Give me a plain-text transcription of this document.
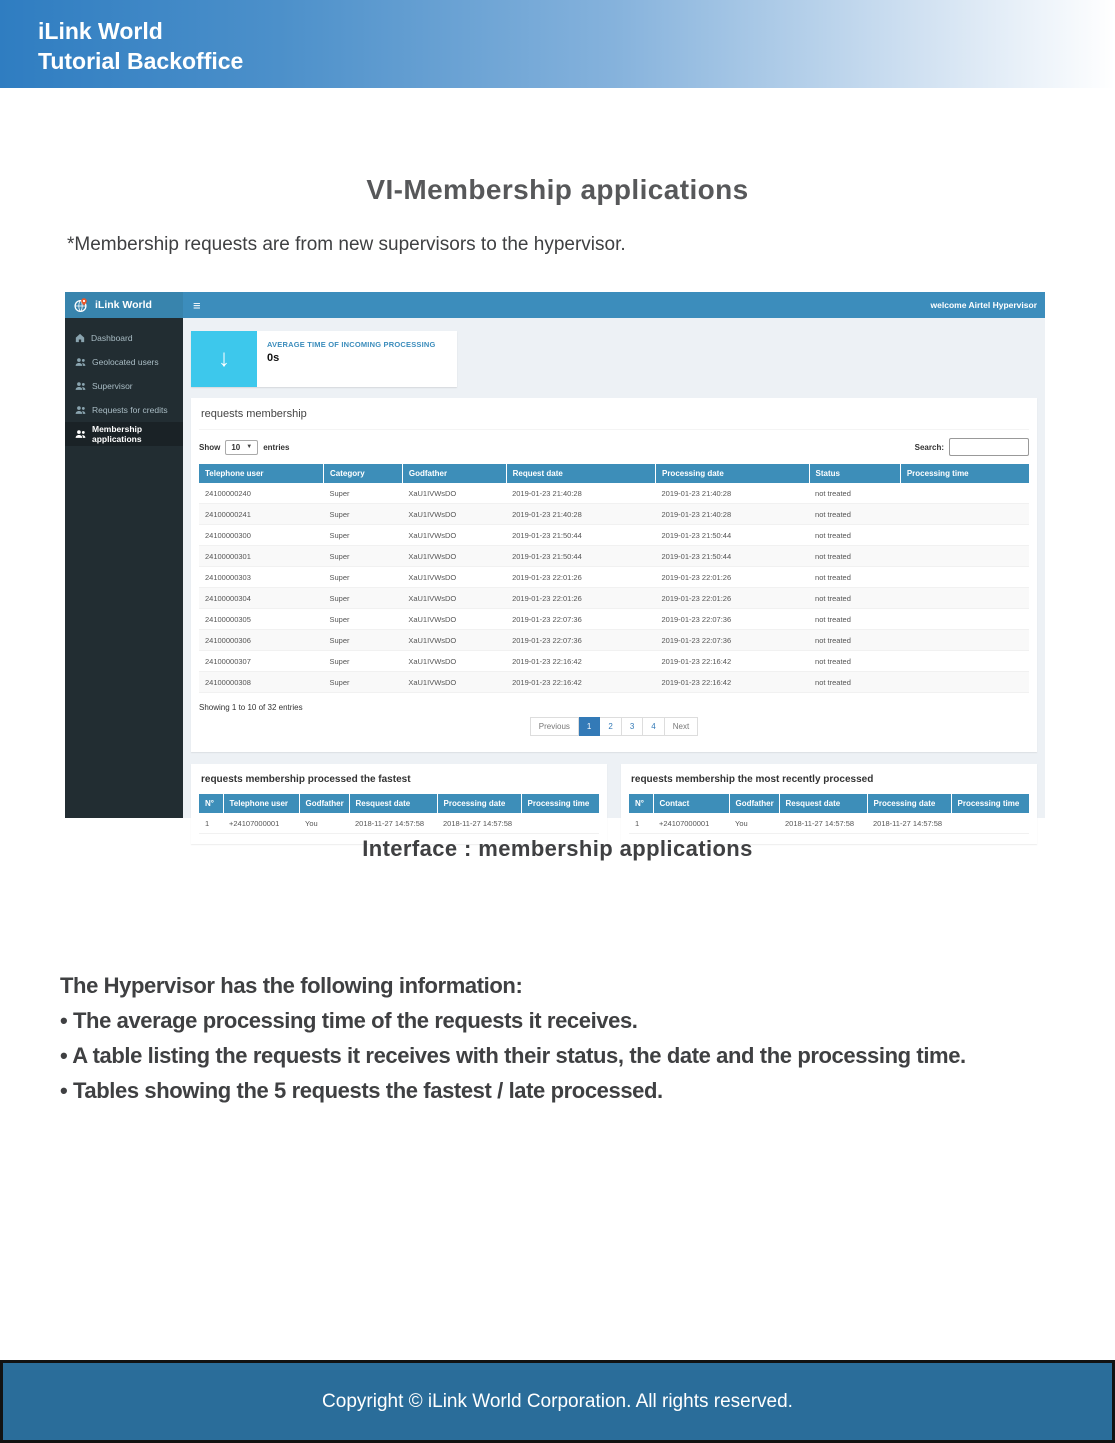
iLink World
Tutorial Backoffice
VI-Membership applications
*Membership requests are from new supervisors to the hypervisor.
iLink World	≡	welcome Airtel Hypervisor
Dashboard
Geolocated users
Supervisor
Requests for credits
Membership applications
↓
AVERAGE TIME OF INCOMING PROCESSING
0s
requests membership
Show 10 ▼ entries	Search:
Telephone user	Category	Godfather	Request date	Processing date	Status	Processing time
24100000240	Super	XaU1IVWsDO	2019-01-23 21:40:28	2019-01-23 21:40:28	not treated	
24100000241	Super	XaU1IVWsDO	2019-01-23 21:40:28	2019-01-23 21:40:28	not treated	
24100000300	Super	XaU1IVWsDO	2019-01-23 21:50:44	2019-01-23 21:50:44	not treated	
24100000301	Super	XaU1IVWsDO	2019-01-23 21:50:44	2019-01-23 21:50:44	not treated	
24100000303	Super	XaU1IVWsDO	2019-01-23 22:01:26	2019-01-23 22:01:26	not treated	
24100000304	Super	XaU1IVWsDO	2019-01-23 22:01:26	2019-01-23 22:01:26	not treated	
24100000305	Super	XaU1IVWsDO	2019-01-23 22:07:36	2019-01-23 22:07:36	not treated	
24100000306	Super	XaU1IVWsDO	2019-01-23 22:07:36	2019-01-23 22:07:36	not treated	
24100000307	Super	XaU1IVWsDO	2019-01-23 22:16:42	2019-01-23 22:16:42	not treated	
24100000308	Super	XaU1IVWsDO	2019-01-23 22:16:42	2019-01-23 22:16:42	not treated	
Showing 1 to 10 of 32 entries
Previous	1	2	3	4	Next
requests membership processed the fastest
N°	Telephone user	Godfather	Resquest date	Processing date	Processing time
1	+24107000001	You	2018-11-27 14:57:58	2018-11-27 14:57:58	
requests membership the most recently processed
N°	Contact	Godfather	Resquest date	Processing date	Processing time
1	+24107000001	You	2018-11-27 14:57:58	2018-11-27 14:57:58	
Interface : membership applications
The Hypervisor has the following information:
• The average processing time of the requests it receives.
• A table listing the requests it receives with their status, the date and the processing time.
• Tables showing the 5 requests the fastest / late processed.
Copyright © iLink World Corporation. All rights reserved.
